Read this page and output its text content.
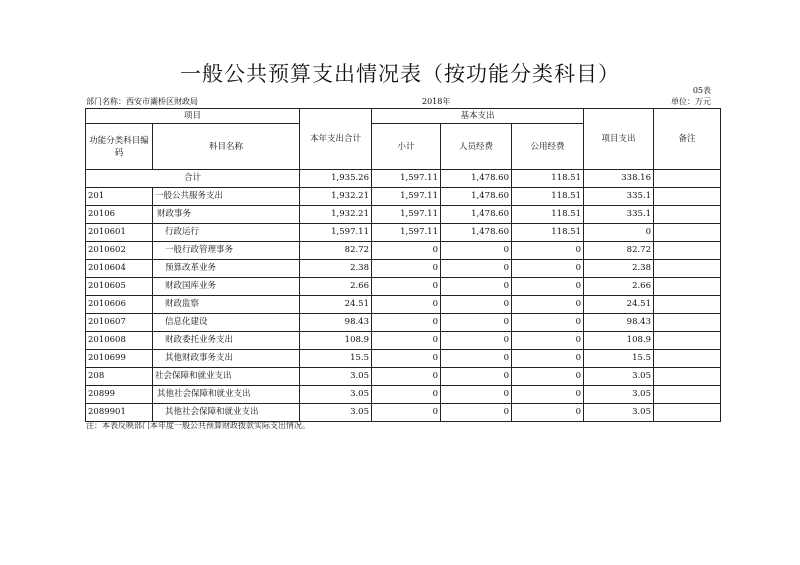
一般公共预算支出情况表（按功能分类科目）
05表
部门名称：西安市灞桥区财政局	2018年	单位：万元
项目		本年支出合计	基本支出			项目支出	备注
功能分类科目编码	科目名称		小计	人员经费	公用经费		
合计		1,935.26	1,597.11	1,478.60	118.51	338.16	
201	一般公共服务支出	1,932.21	1,597.11	1,478.60	118.51	335.1	
20106	财政事务	1,932.21	1,597.11	1,478.60	118.51	335.1	
2010601	行政运行	1,597.11	1,597.11	1,478.60	118.51	0	
2010602	一般行政管理事务	82.72	0	0	0	82.72	
2010604	预算改革业务	2.38	0	0	0	2.38	
2010605	财政国库业务	2.66	0	0	0	2.66	
2010606	财政监察	24.51	0	0	0	24.51	
2010607	信息化建设	98.43	0	0	0	98.43	
2010608	财政委托业务支出	108.9	0	0	0	108.9	
2010699	其他财政事务支出	15.5	0	0	0	15.5	
208	社会保障和就业支出	3.05	0	0	0	3.05	
20899	其他社会保障和就业支出	3.05	0	0	0	3.05	
2089901	其他社会保障和就业支出	3.05	0	0	0	3.05	
注：本表反映部门本年度一般公共预算财政拨款实际支出情况。
